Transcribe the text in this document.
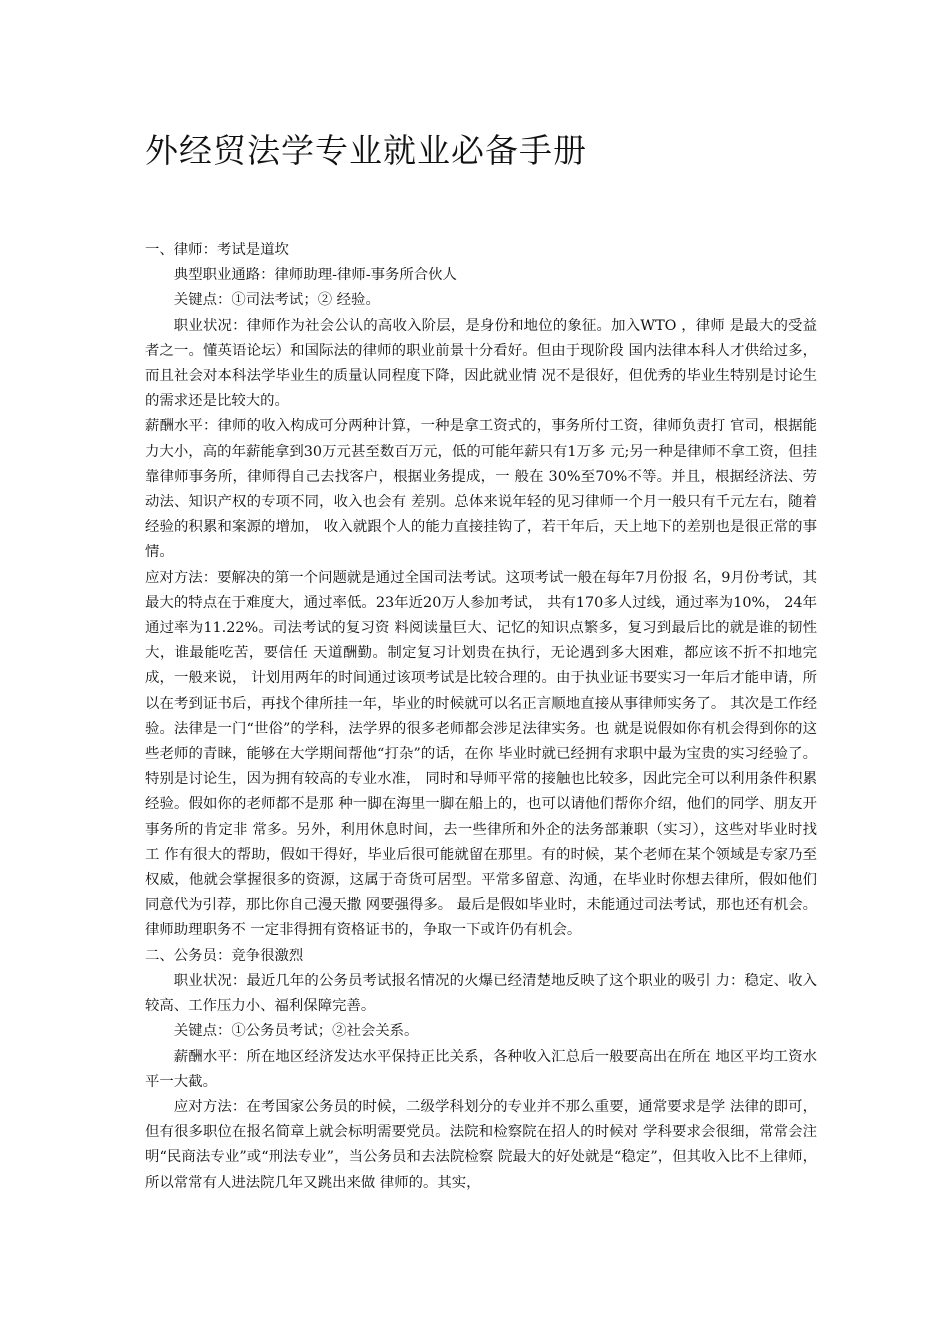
外经贸法学专业就业必备手册

一、律师：考试是道坎

典型职业通路：律师助理-律师-事务所合伙人

关键点：①司法考试；② 经验。

职业状况：律师作为社会公认的高收入阶层，是身份和地位的象征。加入WTO ，律师 是最大的受益者之一。懂英语论坛）和国际法的律师的职业前景十分看好。但由于现阶段 国内法律本科人才供给过多，而且社会对本科法学毕业生的质量认同程度下降，因此就业情 况不是很好，但优秀的毕业生特别是讨论生的需求还是比较大的。

薪酬水平：律师的收入构成可分两种计算，一种是拿工资式的，事务所付工资，律师负责打 官司，根据能力大小，高的年薪能拿到30万元甚至数百万元，低的可能年薪只有1万多 元;另一种是律师不拿工资，但挂靠律师事务所，律师得自己去找客户，根据业务提成，一 般在 30%至70%不等。并且，根据经济法、劳动法、知识产权的专项不同，收入也会有 差别。总体来说年轻的见习律师一个月一般只有千元左右，随着经验的积累和案源的增加， 收入就跟个人的能力直接挂钩了，若干年后，天上地下的差别也是很正常的事情。

应对方法：要解决的第一个问题就是通过全国司法考试。这项考试一般在每年7月份报 名，9月份考试，其最大的特点在于难度大，通过率低。23年近20万人参加考试， 共有170多人过线，通过率为10%， 24年通过率为11.22%。司法考试的复习资 料阅读量巨大、记忆的知识点繁多，复习到最后比的就是谁的韧性大，谁最能吃苦，要信任 天道酬勤。制定复习计划贵在执行，无论遇到多大困难，都应该不折不扣地完成，一般来说， 计划用两年的时间通过该项考试是比较合理的。由于执业证书要实习一年后才能申请，所 以在考到证书后，再找个律所挂一年，毕业的时候就可以名正言顺地直接从事律师实务了。 其次是工作经验。法律是一门“世俗”的学科，法学界的很多老师都会涉足法律实务。也 就是说假如你有机会得到你的这些老师的青睐，能够在大学期间帮他“打杂”的话，在你 毕业时就已经拥有求职中最为宝贵的实习经验了。特别是讨论生，因为拥有较高的专业水准， 同时和导师平常的接触也比较多，因此完全可以利用条件积累经验。假如你的老师都不是那 种一脚在海里一脚在船上的，也可以请他们帮你介绍，他们的同学、朋友开事务所的肯定非 常多。另外，利用休息时间，去一些律所和外企的法务部兼职（实习），这些对毕业时找工 作有很大的帮助，假如干得好，毕业后很可能就留在那里。有的时候，某个老师在某个领域是专家乃至权威，他就会掌握很多的资源，这属于奇货可居型。平常多留意、沟通，在毕业时你想去律所，假如他们同意代为引荐，那比你自己漫天撒 网要强得多。 最后是假如毕业时，未能通过司法考试，那也还有机会。律师助理职务不 一定非得拥有资格证书的，争取一下或许仍有机会。

二、公务员：竞争很激烈

职业状况：最近几年的公务员考试报名情况的火爆已经清楚地反映了这个职业的吸引 力：稳定、收入较高、工作压力小、福利保障完善。

关键点：①公务员考试；②社会关系。

薪酬水平：所在地区经济发达水平保持正比关系，各种收入汇总后一般要高出在所在 地区平均工资水平一大截。

应对方法：在考国家公务员的时候，二级学科划分的专业并不那么重要，通常要求是学 法律的即可，但有很多职位在报名简章上就会标明需要党员。法院和检察院在招人的时候对 学科要求会很细，常常会注明“民商法专业”或“刑法专业”，当公务员和去法院检察 院最大的好处就是“稳定”，但其收入比不上律师，所以常常有人进法院几年又跳出来做 律师的。其实，
